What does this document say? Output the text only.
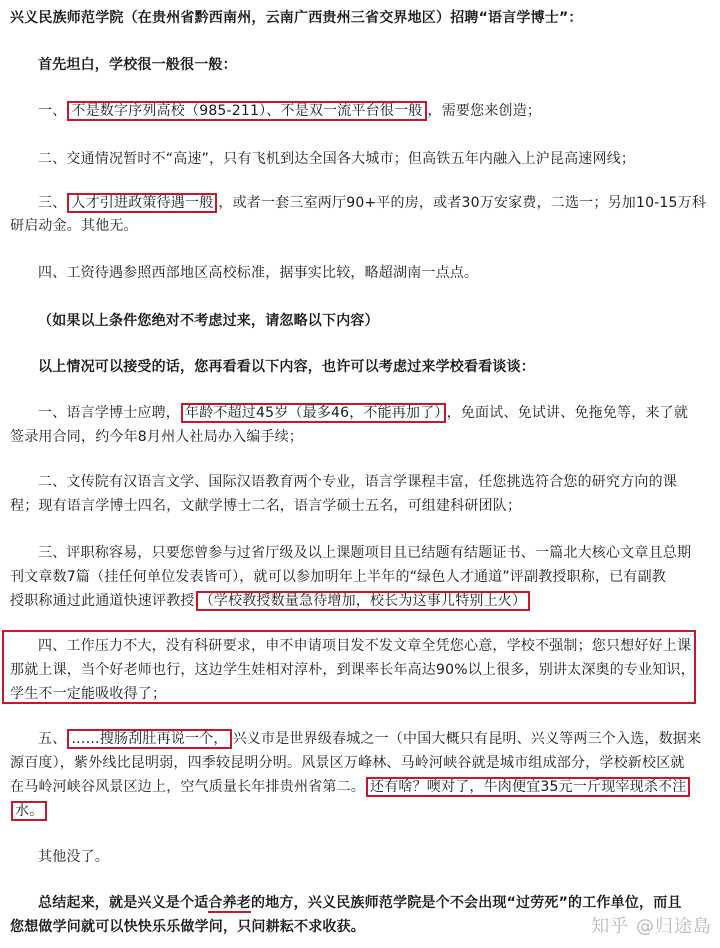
兴义民族师范学院（在贵州省黔西南州，云南广西贵州三省交界地区）招聘“语言学博士”：
首先坦白，学校很一般很一般：
一、 不是数字序列高校（985-211）、不是双一流平台很一般 ，需要您来创造；
二、交通情况暂时不“高速”，只有飞机到达全国各大城市；但高铁五年内融入上沪昆高速网线；
三、 人才引进政策待遇一般 ，或者一套三室两厅90+平的房，或者30万安家费，二选一；另加10-15万科
研启动金。其他无。
四、工资待遇参照西部地区高校标准，据事实比较，略超湖南一点点。
（如果以上条件您绝对不考虑过来，请忽略以下内容）
以上情况可以接受的话，您再看看以下内容，也许可以考虑过来学校看看谈谈：
一、语言学博士应聘， 年龄不超过45岁（最多46，不能再加了） ，免面试、免试讲、免拖免等，来了就
签录用合同，约今年8月州人社局办入编手续；
二、文传院有汉语言文学、国际汉语教育两个专业，语言学课程丰富，任您挑选符合您的研究方向的课
程；现有语言学博士四名，文献学博士二名，语言学硕士五名，可组建科研团队；
三、评职称容易，只要您曾参与过省厅级及以上课题项目且已结题有结题证书、一篇北大核心文章且总期
刊文章数7篇（挂任何单位发表皆可），就可以参加明年上半年的“绿色人才通道”评副教授职称，已有副教
授职称通过此通道快速评教授 （学校教授数量急待增加，校长为这事儿特别上火）
四、工作压力不大，没有科研要求，申不申请项目发不发文章全凭您心意，学校不强制；您只想好好上课
那就上课，当个好老师也行，这边学生娃相对淳朴，到课率长年高达90%以上很多，别讲太深奥的专业知识，
学生不一定能吸收得了；
五、 ……搜肠刮肚再说一个， 兴义市是世界级春城之一（中国大概只有昆明、兴义等两三个入选，数据来
源百度），紫外线比昆明弱，四季较昆明分明。风景区万峰林、马岭河峡谷就是城市组成部分，学校新校区就
在马岭河峡谷风景区边上，空气质量长年排贵州省第二。 还有啥？噢对了，牛肉便宜35元一斤现宰现杀不注
水。
其他没了。
总结起来，就是兴义是个适合养老的地方，兴义民族师范学院是个不会出现“过劳死”的工作单位，而且
您想做学问就可以快快乐乐做学问，只问耕耘不求收获。	知乎 @归途島
